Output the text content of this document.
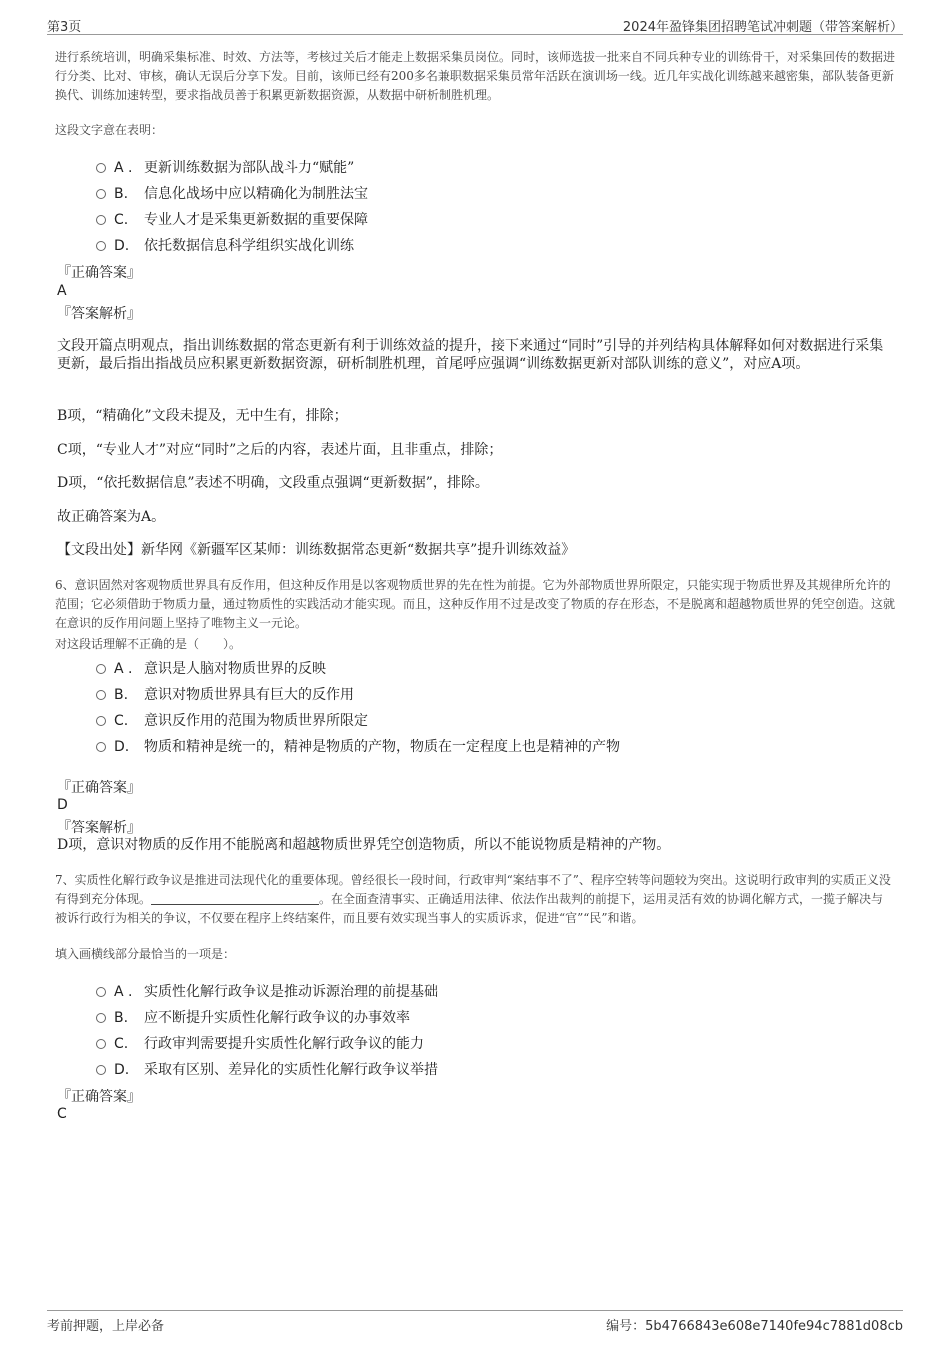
第3页	2024年盈锋集团招聘笔试冲刺题（带答案解析）
进行系统培训，明确采集标准、时效、方法等，考核过关后才能走上数据采集员岗位。同时，该师选拔一批来自不同兵种专业的训练骨干，对采集回传的数据进行分类、比对、审核，确认无误后分享下发。目前，该师已经有200多名兼职数据采集员常年活跃在演训场一线。近几年实战化训练越来越密集，部队装备更新换代、训练加速转型，要求指战员善于积累更新数据资源，从数据中研析制胜机理。
这段文字意在表明：
A . 更新训练数据为部队战斗力“赋能”
B. 信息化战场中应以精确化为制胜法宝
C. 专业人才是采集更新数据的重要保障
D. 依托数据信息科学组织实战化训练
『正确答案』
A
『答案解析』
文段开篇点明观点，指出训练数据的常态更新有利于训练效益的提升，接下来通过“同时”引导的并列结构具体解释如何对数据进行采集更新，最后指出指战员应积累更新数据资源，研析制胜机理，首尾呼应强调“训练数据更新对部队训练的意义”，对应A项。
B项，“精确化”文段未提及，无中生有，排除；
C项，“专业人才”对应“同时”之后的内容，表述片面，且非重点，排除；
D项，“依托数据信息”表述不明确，文段重点强调“更新数据”，排除。
故正确答案为A。
【文段出处】新华网《新疆军区某师：训练数据常态更新“数据共享”提升训练效益》
6、意识固然对客观物质世界具有反作用，但这种反作用是以客观物质世界的先在性为前提。它为外部物质世界所限定，只能实现于物质世界及其规律所允许的范围；它必须借助于物质力量，通过物质性的实践活动才能实现。而且，这种反作用不过是改变了物质的存在形态，不是脱离和超越物质世界的凭空创造。这就在意识的反作用问题上坚持了唯物主义一元论。
对这段话理解不正确的是（　　）。
A . 意识是人脑对物质世界的反映
B. 意识对物质世界具有巨大的反作用
C. 意识反作用的范围为物质世界所限定
D. 物质和精神是统一的，精神是物质的产物，物质在一定程度上也是精神的产物
『正确答案』
D
『答案解析』
D项，意识对物质的反作用不能脱离和超越物质世界凭空创造物质，所以不能说物质是精神的产物。
7、实质性化解行政争议是推进司法现代化的重要体现。曾经很长一段时间，行政审判“案结事不了”、程序空转等问题较为突出。这说明行政审判的实质正义没有得到充分体现。	。在全面查清事实、正确适用法律、依法作出裁判的前提下，运用灵活有效的协调化解方式，一揽子解决与被诉行政行为相关的争议，不仅要在程序上终结案件，而且要有效实现当事人的实质诉求，促进“官”“民”和谐。
填入画横线部分最恰当的一项是：
A . 实质性化解行政争议是推动诉源治理的前提基础
B. 应不断提升实质性化解行政争议的办事效率
C. 行政审判需要提升实质性化解行政争议的能力
D. 采取有区别、差异化的实质性化解行政争议举措
『正确答案』
C
考前押题，上岸必备	编号：5b4766843e608e7140fe94c7881d08cb
